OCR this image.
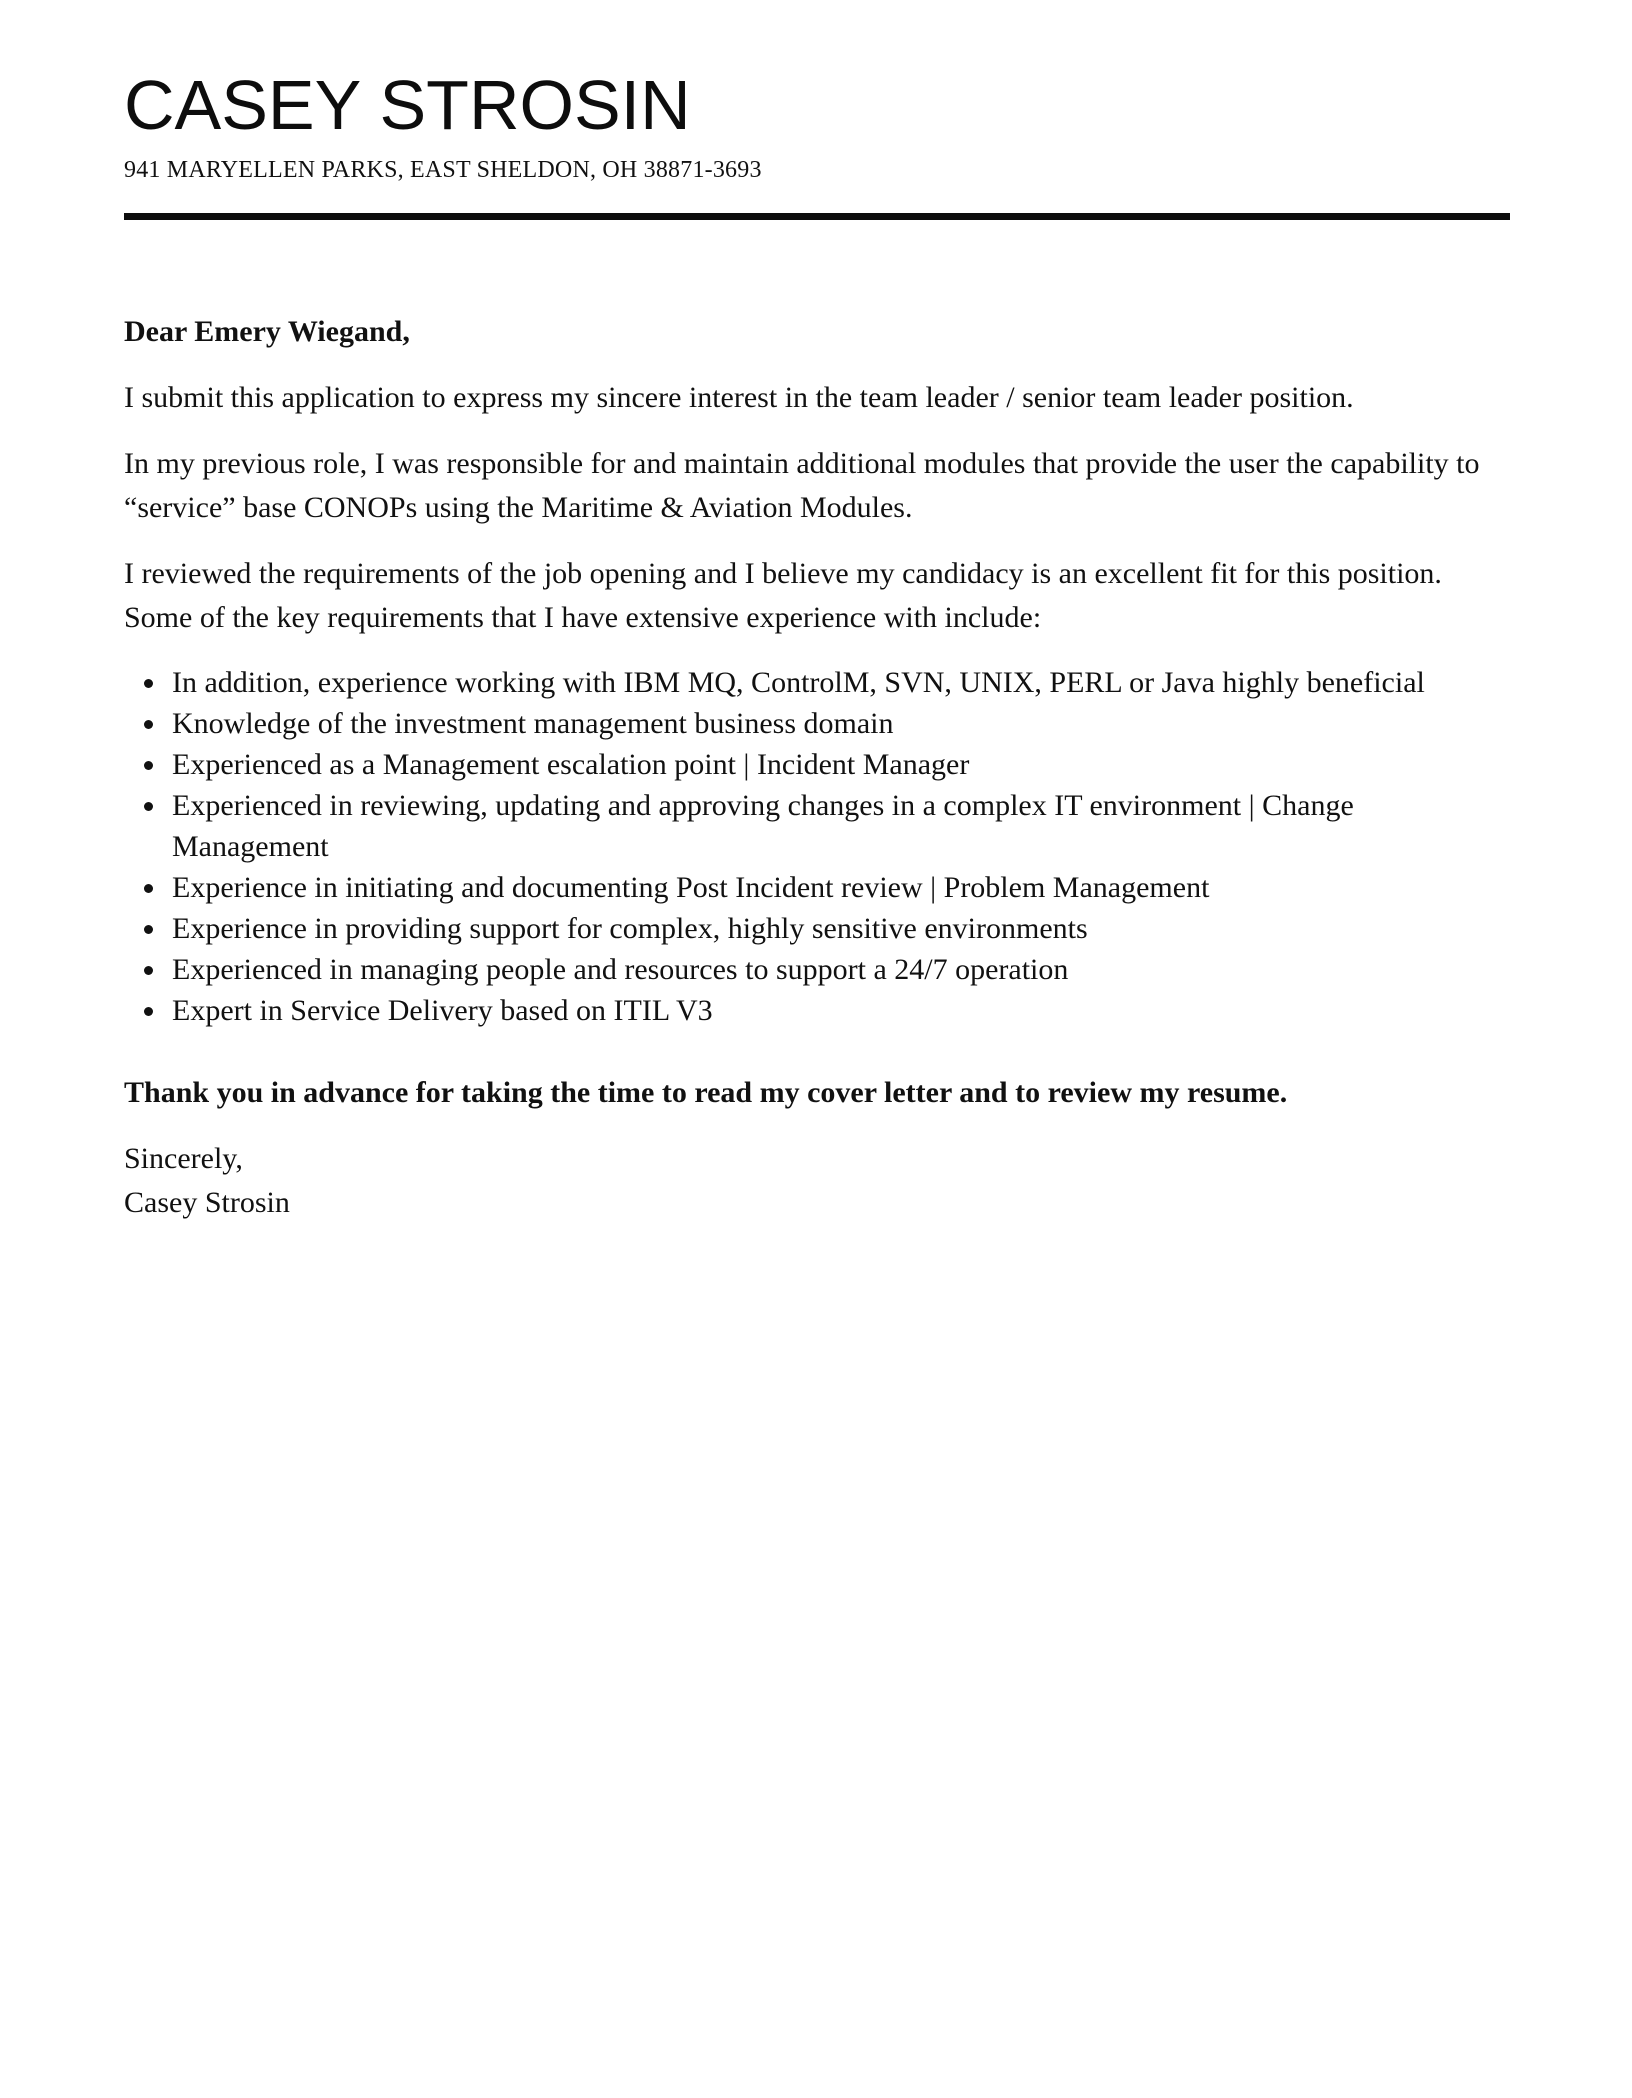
CASEY STROSIN
941 MARYELLEN PARKS, EAST SHELDON, OH 38871-3693

Dear Emery Wiegand,

I submit this application to express my sincere interest in the team leader / senior team leader position.

In my previous role, I was responsible for and maintain additional modules that provide the user the capability to “service” base CONOPs using the Maritime & Aviation Modules.

I reviewed the requirements of the job opening and I believe my candidacy is an excellent fit for this position. Some of the key requirements that I have extensive experience with include:

In addition, experience working with IBM MQ, ControlM, SVN, UNIX, PERL or Java highly beneficial
Knowledge of the investment management business domain
Experienced as a Management escalation point | Incident Manager
Experienced in reviewing, updating and approving changes in a complex IT environment | Change Management
Experience in initiating and documenting Post Incident review | Problem Management
Experience in providing support for complex, highly sensitive environments
Experienced in managing people and resources to support a 24/7 operation
Expert in Service Delivery based on ITIL V3

Thank you in advance for taking the time to read my cover letter and to review my resume.

Sincerely,

Casey Strosin
